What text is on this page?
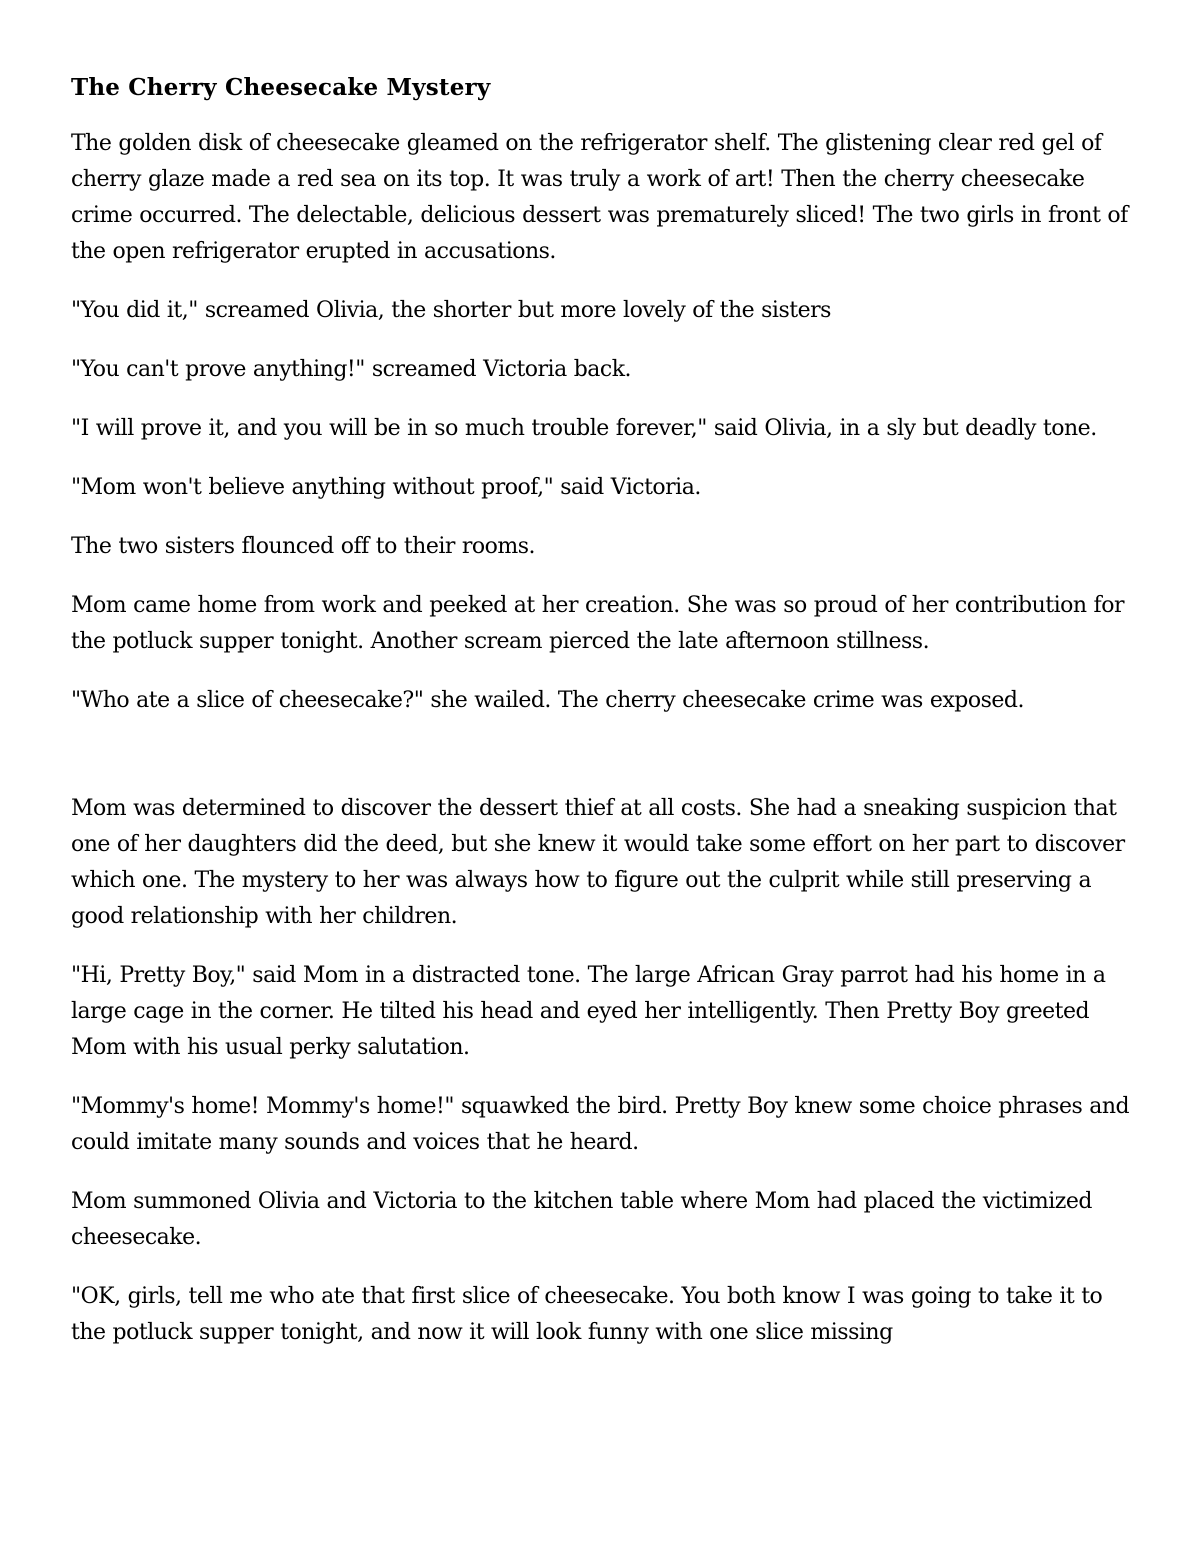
The Cherry Cheesecake Mystery

The golden disk of cheesecake gleamed on the refrigerator shelf. The glistening clear red gel of cherry glaze made a red sea on its top. It was truly a work of art! Then the cherry cheesecake crime occurred. The delectable, delicious dessert was prematurely sliced! The two girls in front of the open refrigerator erupted in accusations.

"You did it," screamed Olivia, the shorter but more lovely of the sisters

"You can't prove anything!" screamed Victoria back.

"I will prove it, and you will be in so much trouble forever," said Olivia, in a sly but deadly tone.

"Mom won't believe anything without proof," said Victoria.

The two sisters flounced off to their rooms.

Mom came home from work and peeked at her creation. She was so proud of her contribution for the potluck supper tonight. Another scream pierced the late afternoon stillness.

"Who ate a slice of cheesecake?" she wailed. The cherry cheesecake crime was exposed.

Mom was determined to discover the dessert thief at all costs. She had a sneaking suspicion that one of her daughters did the deed, but she knew it would take some effort on her part to discover which one. The mystery to her was always how to figure out the culprit while still preserving a good relationship with her children.

"Hi, Pretty Boy," said Mom in a distracted tone. The large African Gray parrot had his home in a large cage in the corner. He tilted his head and eyed her intelligently. Then Pretty Boy greeted Mom with his usual perky salutation.

"Mommy's home! Mommy's home!" squawked the bird. Pretty Boy knew some choice phrases and could imitate many sounds and voices that he heard.

Mom summoned Olivia and Victoria to the kitchen table where Mom had placed the victimized cheesecake.

"OK, girls, tell me who ate that first slice of cheesecake. You both know I was going to take it to the potluck supper tonight, and now it will look funny with one slice missing
